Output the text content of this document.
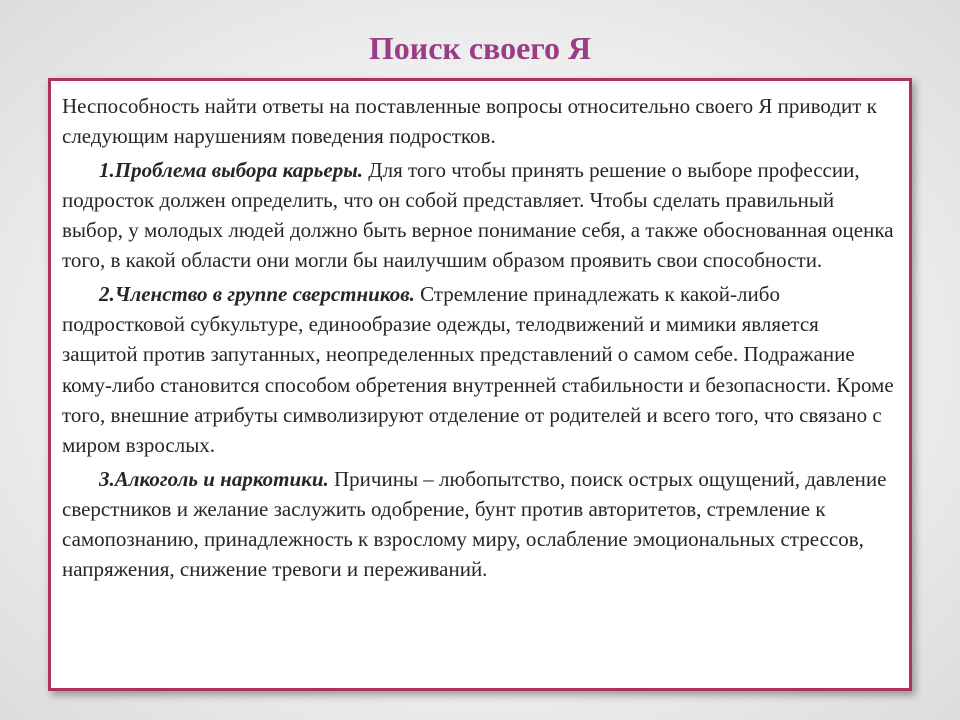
Поиск своего Я

Неспособность найти ответы на поставленные вопросы относительно своего Я приводит к следующим нарушениям поведения подростков.

1.Проблема выбора карьеры. Для того чтобы принять решение о выборе профессии, подросток должен определить, что он собой представляет. Чтобы сделать правильный выбор, у молодых людей должно быть верное понимание себя, а также обоснованная оценка того, в какой области они могли бы наилучшим образом проявить свои способности.

2.Членство в группе сверстников. Стремление принадлежать к какой-либо подростковой субкультуре, единообразие одежды, телодвижений и мимики является защитой против запутанных, неопределенных представлений о самом себе. Подражание кому-либо становится способом обретения внутренней стабильности и безопасности. Кроме того, внешние атрибуты символизируют отделение от родителей и всего того, что связано с миром взрослых.

3.Алкоголь и наркотики. Причины – любопытство, поиск острых ощущений, давление сверстников и желание заслужить одобрение, бунт против авторитетов, стремление к самопознанию, принадлежность к взрослому миру, ослабление эмоциональных стрессов, напряжения, снижение тревоги и переживаний.
